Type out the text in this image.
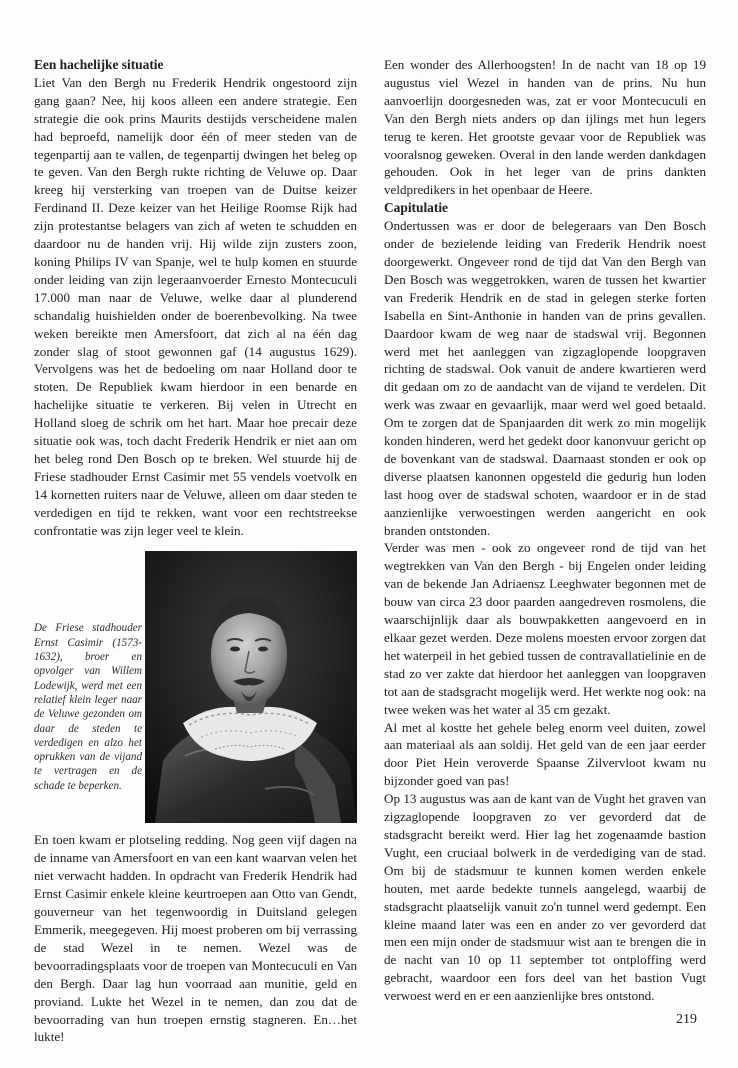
Een hachelijke situatie

Liet Van den Bergh nu Frederik Hendrik ongestoord zijn gang gaan? Nee, hij koos alleen een andere strategie. Een strategie die ook prins Maurits destijds verscheidene malen had beproefd, namelijk door één of meer steden van de tegenpartij aan te vallen, de tegenpartij dwingen het beleg op te geven. Van den Bergh rukte richting de Veluwe op. Daar kreeg hij versterking van troepen van de Duitse keizer Ferdinand II. Deze keizer van het Heilige Roomse Rijk had zijn protestantse belagers van zich af weten te schudden en daardoor nu de handen vrij. Hij wilde zijn zusters zoon, koning Philips IV van Spanje, wel te hulp komen en stuurde onder leiding van zijn legeraanvoerder Ernesto Montecuculi 17.000 man naar de Veluwe, welke daar al plunderend schandalig huishielden onder de boerenbevolking. Na twee weken bereikte men Amersfoort, dat zich al na één dag zonder slag of stoot gewonnen gaf (14 augustus 1629). Vervolgens was het de bedoeling om naar Holland door te stoten. De Republiek kwam hierdoor in een benarde en hachelijke situatie te verkeren. Bij velen in Utrecht en Holland sloeg de schrik om het hart. Maar hoe precair deze situatie ook was, toch dacht Frederik Hendrik er niet aan om het beleg rond Den Bosch op te breken. Wel stuurde hij de Friese stadhouder Ernst Casimir met 55 vendels voetvolk en 14 kornetten ruiters naar de Veluwe, alleen om daar steden te verdedigen en tijd te rekken, want voor een rechtstreekse confrontatie was zijn leger veel te klein.

De Friese stadhouder Ernst Casimir (1573-1632), broer en opvolger van Willem Lodewijk, werd met een relatief klein leger naar de Veluwe gezonden om daar de steden te verdedigen en alzo het oprukken van de vijand te vertragen en de schade te beperken.

En toen kwam er plotseling redding. Nog geen vijf dagen na de inname van Amersfoort en van een kant waarvan velen het niet verwacht hadden. In opdracht van Frederik Hendrik had Ernst Casimir enkele kleine keurtroepen aan Otto van Gendt, gouverneur van het tegenwoordig in Duitsland gelegen Emmerik, meegegeven. Hij moest proberen om bij verrassing de stad Wezel in te nemen. Wezel was de bevoorradingsplaats voor de troepen van Montecuculi en Van den Bergh. Daar lag hun voorraad aan munitie, geld en proviand. Lukte het Wezel in te nemen, dan zou dat de bevoorrading van hun troepen ernstig stagneren. En…het lukte!

Een wonder des Allerhoogsten! In de nacht van 18 op 19 augustus viel Wezel in handen van de prins. Nu hun aanvoerlijn doorgesneden was, zat er voor Montecuculi en Van den Bergh niets anders op dan ijlings met hun legers terug te keren. Het grootste gevaar voor de Republiek was vooralsnog geweken. Overal in den lande werden dankdagen gehouden. Ook in het leger van de prins dankten veldpredikers in het openbaar de Heere.

Capitulatie

Ondertussen was er door de belegeraars van Den Bosch onder de bezielende leiding van Frederik Hendrik noest doorgewerkt. Ongeveer rond de tijd dat Van den Bergh van Den Bosch was weggetrokken, waren de tussen het kwartier van Frederik Hendrik en de stad in gelegen sterke forten Isabella en Sint-Anthonie in handen van de prins gevallen. Daardoor kwam de weg naar de stadswal vrij. Begonnen werd met het aanleggen van zigzaglopende loopgraven richting de stadswal. Ook vanuit de andere kwartieren werd dit gedaan om zo de aandacht van de vijand te verdelen. Dit werk was zwaar en gevaarlijk, maar werd wel goed betaald. Om te zorgen dat de Spanjaarden dit werk zo min mogelijk konden hinderen, werd het gedekt door kanonvuur gericht op de bovenkant van de stadswal. Daarnaast stonden er ook op diverse plaatsen kanonnen opgesteld die gedurig hun loden last hoog over de stadswal schoten, waardoor er in de stad aanzienlijke verwoestingen werden aangericht en ook branden ontstonden.

Verder was men - ook zo ongeveer rond de tijd van het wegtrekken van Van den Bergh - bij Engelen onder leiding van de bekende Jan Adriaensz Leeghwater begonnen met de bouw van circa 23 door paarden aangedreven rosmolens, die waarschijnlijk daar als bouwpakketten aangevoerd en in elkaar gezet werden. Deze molens moesten ervoor zorgen dat het waterpeil in het gebied tussen de contravallatielinie en de stad zo ver zakte dat hierdoor het aanleggen van loopgraven tot aan de stadsgracht mogelijk werd. Het werkte nog ook: na twee weken was het water al 35 cm gezakt.

Al met al kostte het gehele beleg enorm veel duiten, zowel aan materiaal als aan soldij. Het geld van de een jaar eerder door Piet Hein veroverde Spaanse Zilvervloot kwam nu bijzonder goed van pas!

Op 13 augustus was aan de kant van de Vught het graven van zigzaglopende loopgraven zo ver gevorderd dat de stadsgracht bereikt werd. Hier lag het zogenaamde bastion Vught, een cruciaal bolwerk in de verdediging van de stad. Om bij de stadsmuur te kunnen komen werden enkele houten, met aarde bedekte tunnels aangelegd, waarbij de stadsgracht plaatselijk vanuit zo'n tunnel werd gedempt. Een kleine maand later was een en ander zo ver gevorderd dat men een mijn onder de stadsmuur wist aan te brengen die in de nacht van 10 op 11 september tot ontploffing werd gebracht, waardoor een fors deel van het bastion Vugt verwoest werd en er een aanzienlijke bres ontstond.

219
